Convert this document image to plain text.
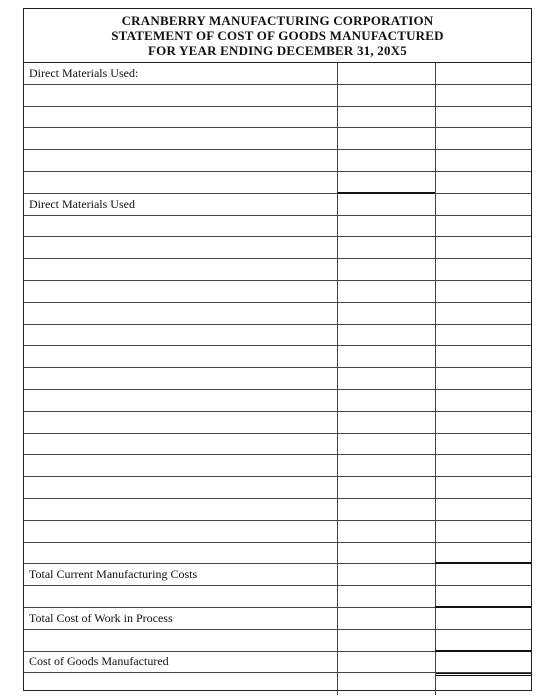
CRANBERRY MANUFACTURING CORPORATION
STATEMENT OF COST OF GOODS MANUFACTURED
FOR YEAR ENDING DECEMBER 31, 20X5
Direct Materials Used:
Direct Materials Used
Total Current Manufacturing Costs
Total Cost of Work in Process
Cost of Goods Manufactured
